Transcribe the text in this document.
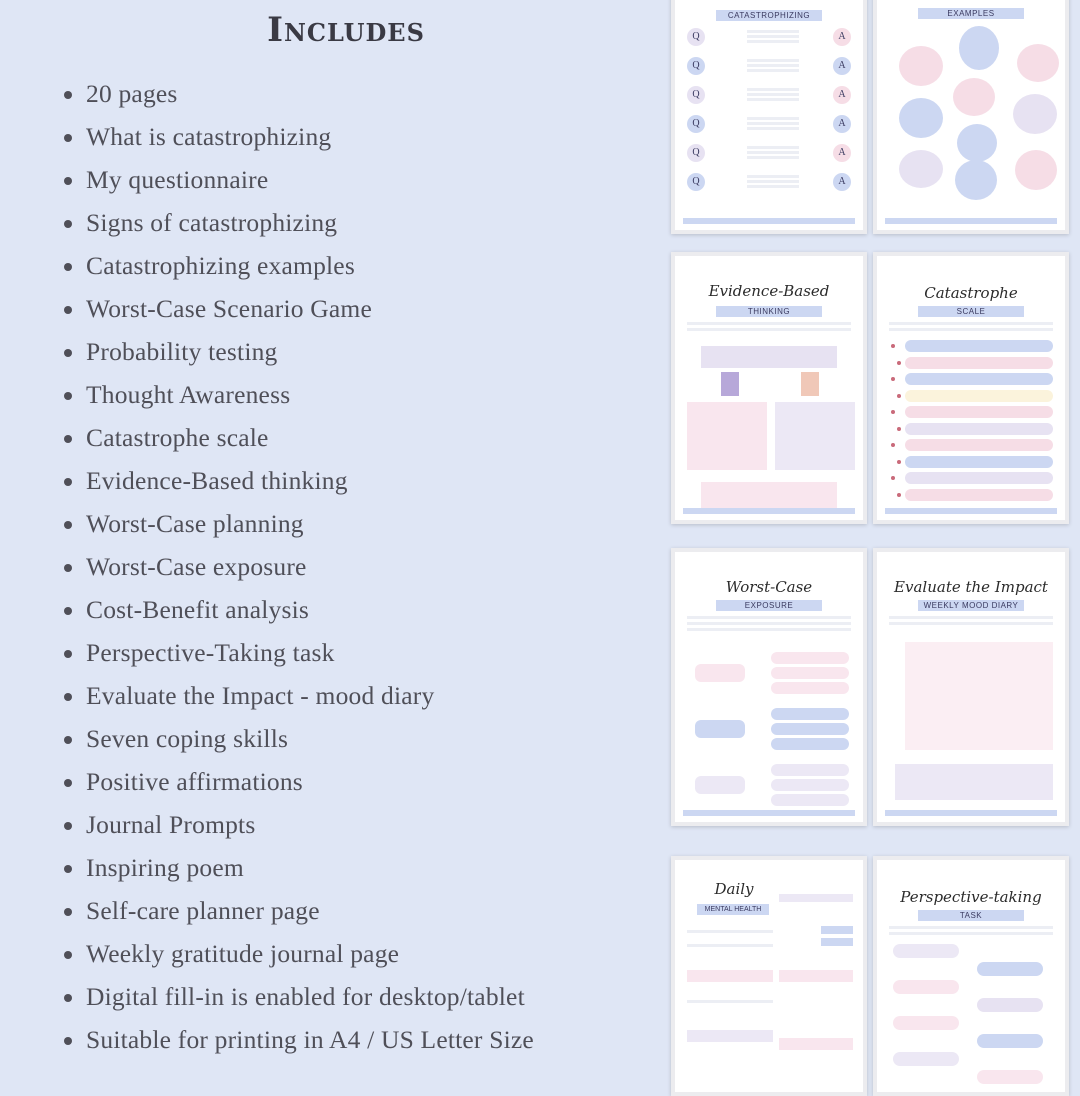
Includes
20 pages
What is catastrophizing
My questionnaire
Signs of catastrophizing
Catastrophizing examples
Worst-Case Scenario Game
Probability testing
Thought Awareness
Catastrophe scale
Evidence-Based thinking
Worst-Case planning
Worst-Case exposure
Cost-Benefit analysis
Perspective-Taking task
Evaluate the Impact - mood diary
Seven coping skills
Positive affirmations
Journal Prompts
Inspiring poem
Self-care planner page
Weekly gratitude journal page
Digital fill-in is enabled for desktop/tablet
Suitable for printing in A4 / US Letter Size
CATASTROPHIZING
Q	A
Q	A
Q	A
Q	A
Q	A
Q	A
EXAMPLES
Evidence-Based
THINKING
Catastrophe
SCALE
Worst-Case
EXPOSURE
Evaluate the Impact
WEEKLY MOOD DIARY
Daily
MENTAL HEALTH
Perspective-taking
TASK
